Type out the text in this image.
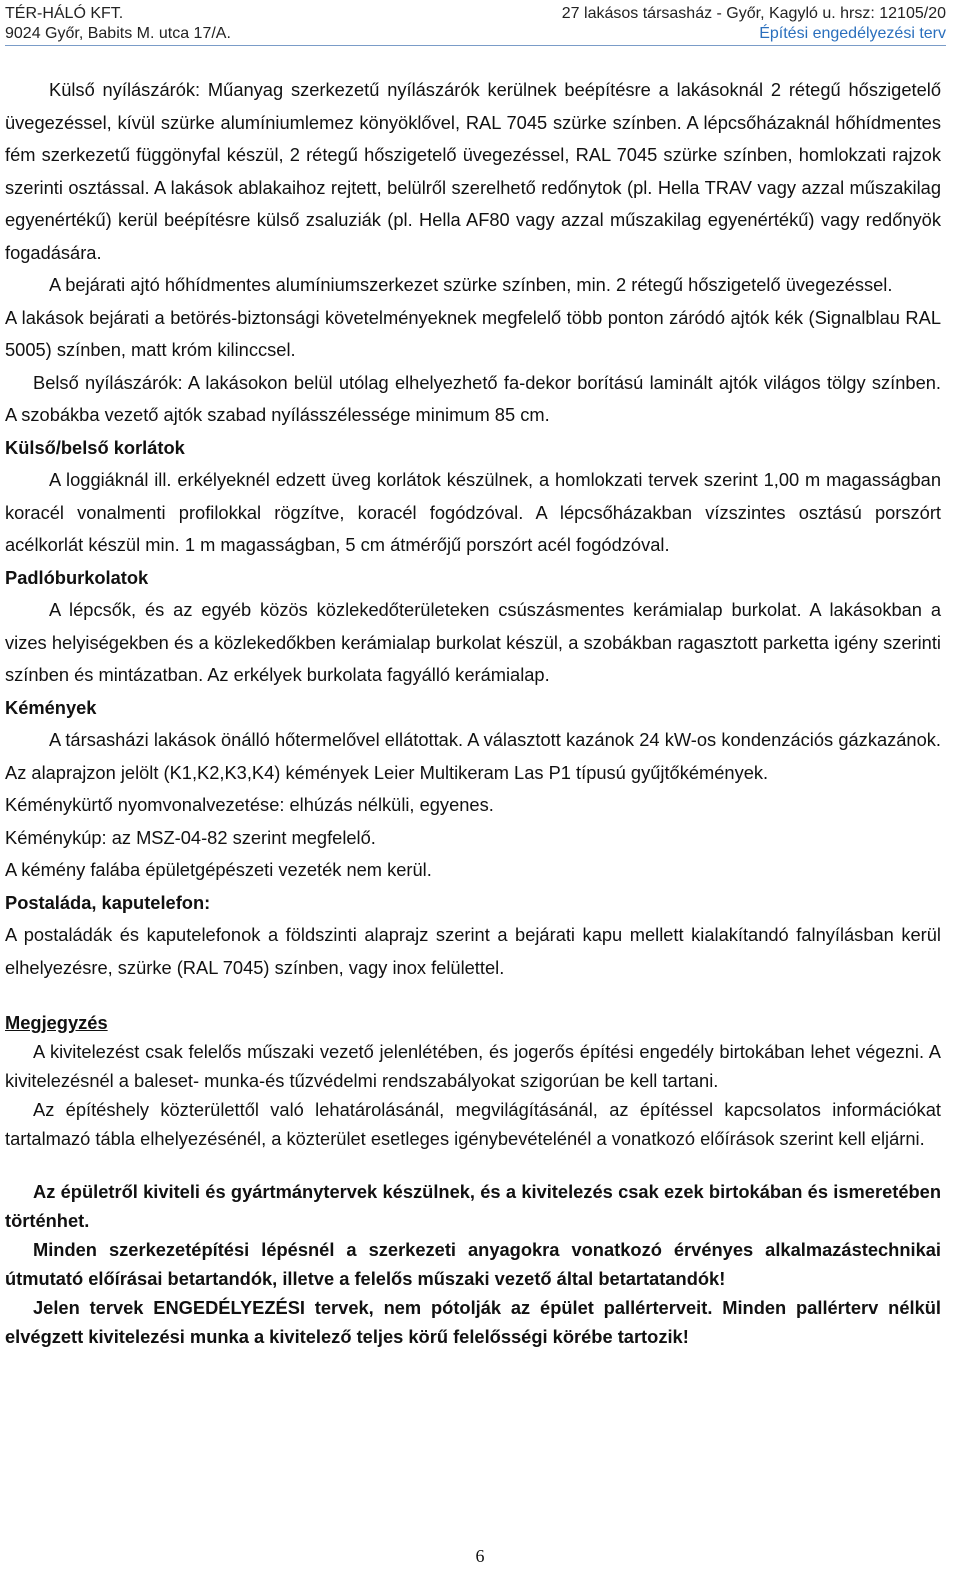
TÉR-HÁLÓ KFT.
9024 Győr, Babits M. utca 17/A.
27 lakásos társasház - Győr, Kagyló u. hrsz: 12105/20
Építési engedélyezési terv

Külső nyílászárók: Műanyag szerkezetű nyílászárók kerülnek beépítésre a lakásoknál 2 rétegű hőszigetelő üvegezéssel, kívül szürke alumíniumlemez könyöklővel, RAL 7045 szürke színben. A lépcsőházaknál hőhídmentes fém szerkezetű függönyfal készül, 2 rétegű hőszigetelő üvegezéssel, RAL 7045 szürke színben, homlokzati rajzok szerinti osztással. A lakások ablakaihoz rejtett, belülről szerelhető redőnytok (pl. Hella TRAV vagy azzal műszakilag egyenértékű) kerül beépítésre külső zsaluziák (pl. Hella AF80 vagy azzal műszakilag egyenértékű) vagy redőnyök fogadására.

A bejárati ajtó hőhídmentes alumíniumszerkezet szürke színben, min. 2 rétegű hőszigetelő üvegezéssel.

A lakások bejárati a betörés-biztonsági követelményeknek megfelelő több ponton záródó ajtók kék (Signalblau RAL 5005) színben, matt króm kilinccsel.

Belső nyílászárók: A lakásokon belül utólag elhelyezhető fa-dekor borítású laminált ajtók világos tölgy színben. A szobákba vezető ajtók szabad nyílásszélessége minimum 85 cm.

Külső/belső korlátok

A loggiáknál ill. erkélyeknél edzett üveg korlátok készülnek, a homlokzati tervek szerint 1,00 m magasságban koracél vonalmenti profilokkal rögzítve, koracél fogódzóval. A lépcsőházakban vízszintes osztású porszórt acélkorlát készül min. 1 m magasságban, 5 cm átmérőjű porszórt acél fogódzóval.

Padlóburkolatok

A lépcsők, és az egyéb közös közlekedőterületeken csúszásmentes kerámialap burkolat. A lakásokban a vizes helyiségekben és a közlekedőkben kerámialap burkolat készül, a szobákban ragasztott parketta igény szerinti színben és mintázatban. Az erkélyek burkolata fagyálló kerámialap.

Kémények

A társasházi lakások önálló hőtermelővel ellátottak. A választott kazánok 24 kW-os kondenzációs gázkazánok. Az alaprajzon jelölt (K1,K2,K3,K4) kémények Leier Multikeram Las P1 típusú gyűjtőkémények.

Kéménykürtő nyomvonalvezetése: elhúzás nélküli, egyenes.

Kéménykúp: az MSZ-04-82 szerint megfelelő.

A kémény falába épületgépészeti vezeték nem kerül.

Postaláda, kaputelefon:

A postaládák és kaputelefonok a földszinti alaprajz szerint a bejárati kapu mellett kialakítandó falnyílásban kerül elhelyezésre, szürke (RAL 7045) színben, vagy inox felülettel.

Megjegyzés

A kivitelezést csak felelős műszaki vezető jelenlétében, és jogerős építési engedély birtokában lehet végezni. A kivitelezésnél a baleset- munka-és tűzvédelmi rendszabályokat szigorúan be kell tartani.

Az építéshely közterülettől való lehatárolásánál, megvilágításánál, az építéssel kapcsolatos információkat tartalmazó tábla elhelyezésénél, a közterület esetleges igénybevételénél a vonatkozó előírások szerint kell eljárni.

Az épületről kiviteli és gyártmánytervek készülnek, és a kivitelezés csak ezek birtokában és ismeretében történhet.

Minden szerkezetépítési lépésnél a szerkezeti anyagokra vonatkozó érvényes alkalmazástechnikai útmutató előírásai betartandók, illetve a felelős műszaki vezető által betartatandók!

Jelen tervek ENGEDÉLYEZÉSI tervek, nem pótolják az épület pallérterveit. Minden pallérterv nélkül elvégzett kivitelezési munka a kivitelező teljes körű felelősségi körébe tartozik!

6
